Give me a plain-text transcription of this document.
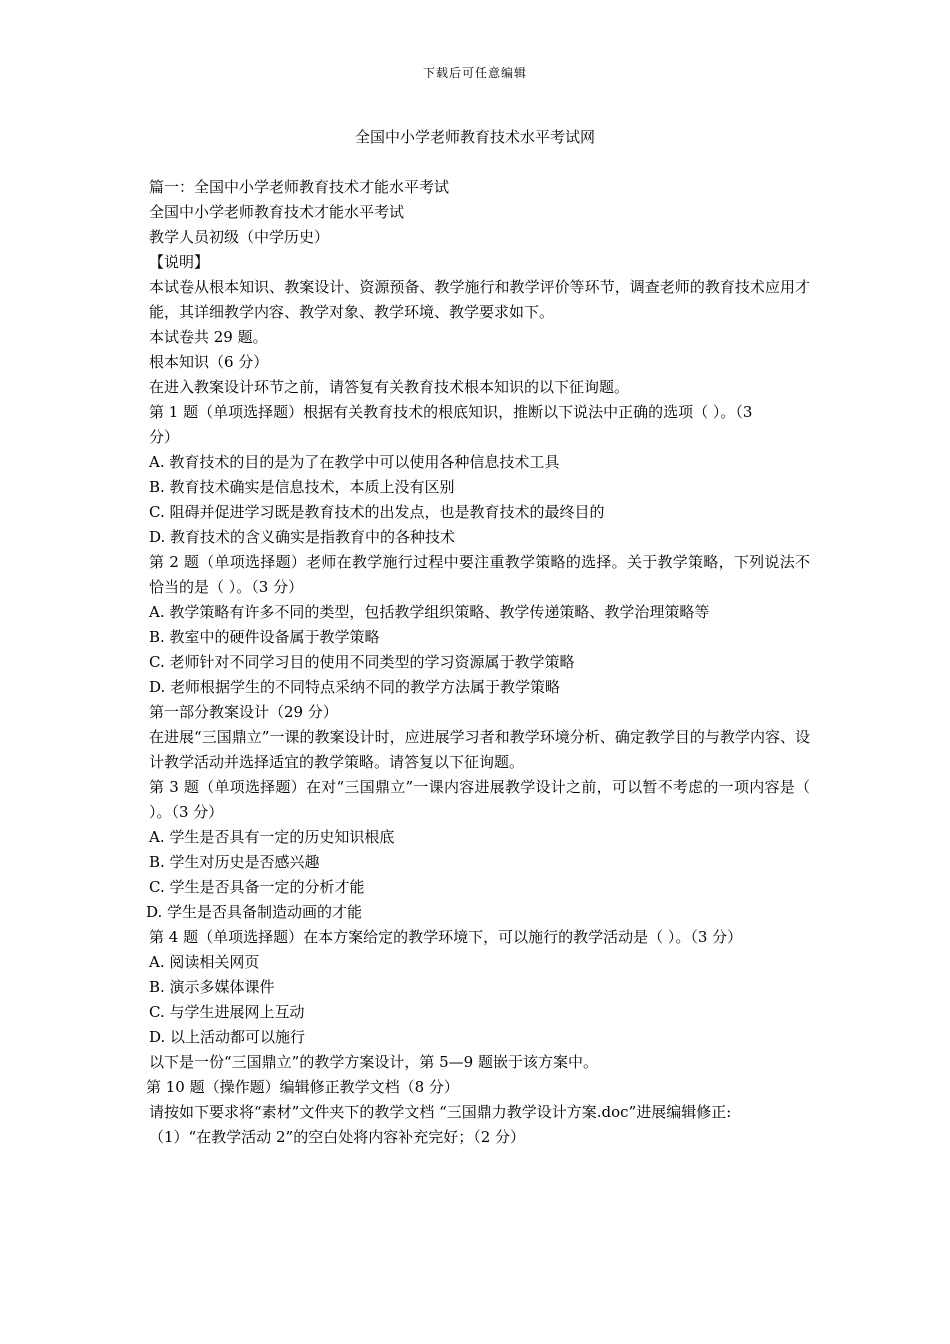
下载后可任意编辑
全国中小学老师教育技术水平考试网
篇一：全国中小学老师教育技术才能水平考试
全国中小学老师教育技术才能水平考试
教学人员初级（中学历史）
【说明】
本试卷从根本知识、教案设计、资源预备、教学施行和教学评价等环节，调查老师的教育技术应用才能，其详细教学内容、教学对象、教学环境、教学要求如下。
本试卷共 29 题。
根本知识（6 分）
在进入教案设计环节之前，请答复有关教育技术根本知识的以下征询题。
第 1 题（单项选择题）根据有关教育技术的根底知识，推断以下说法中正确的选项（ ）。（3
分）
A. 教育技术的目的是为了在教学中可以使用各种信息技术工具
B. 教育技术确实是信息技术，本质上没有区别
C. 阻碍并促进学习既是教育技术的出发点，也是教育技术的最终目的
D. 教育技术的含义确实是指教育中的各种技术
第 2 题（单项选择题）老师在教学施行过程中要注重教学策略的选择。关于教学策略，下列说法不恰当的是（ ）。（3 分）
A. 教学策略有许多不同的类型，包括教学组织策略、教学传递策略、教学治理策略等
B. 教室中的硬件设备属于教学策略
C. 老师针对不同学习目的使用不同类型的学习资源属于教学策略
D. 老师根据学生的不同特点采纳不同的教学方法属于教学策略
第一部分教案设计（29 分）
在进展“三国鼎立”一课的教案设计时，应进展学习者和教学环境分析、确定教学目的与教学内容、设计教学活动并选择适宜的教学策略。请答复以下征询题。
第 3 题（单项选择题）在对“三国鼎立”一课内容进展教学设计之前，可以暂不考虑的一项内容是（ ）。（3 分）
A. 学生是否具有一定的历史知识根底
B. 学生对历史是否感兴趣
C. 学生是否具备一定的分析才能
D. 学生是否具备制造动画的才能
第 4 题（单项选择题）在本方案给定的教学环境下，可以施行的教学活动是（ ）。（3 分）
A. 阅读相关网页
B. 演示多媒体课件
C. 与学生进展网上互动
D. 以上活动都可以施行
以下是一份“三国鼎立”的教学方案设计，第 5—9 题嵌于该方案中。
第 10 题（操作题）编辑修正教学文档（8 分）
请按如下要求将“素材”文件夹下的教学文档 “三国鼎力教学设计方案.doc”进展编辑修正:
（1）“在教学活动 2”的空白处将内容补充完好；（2 分）
